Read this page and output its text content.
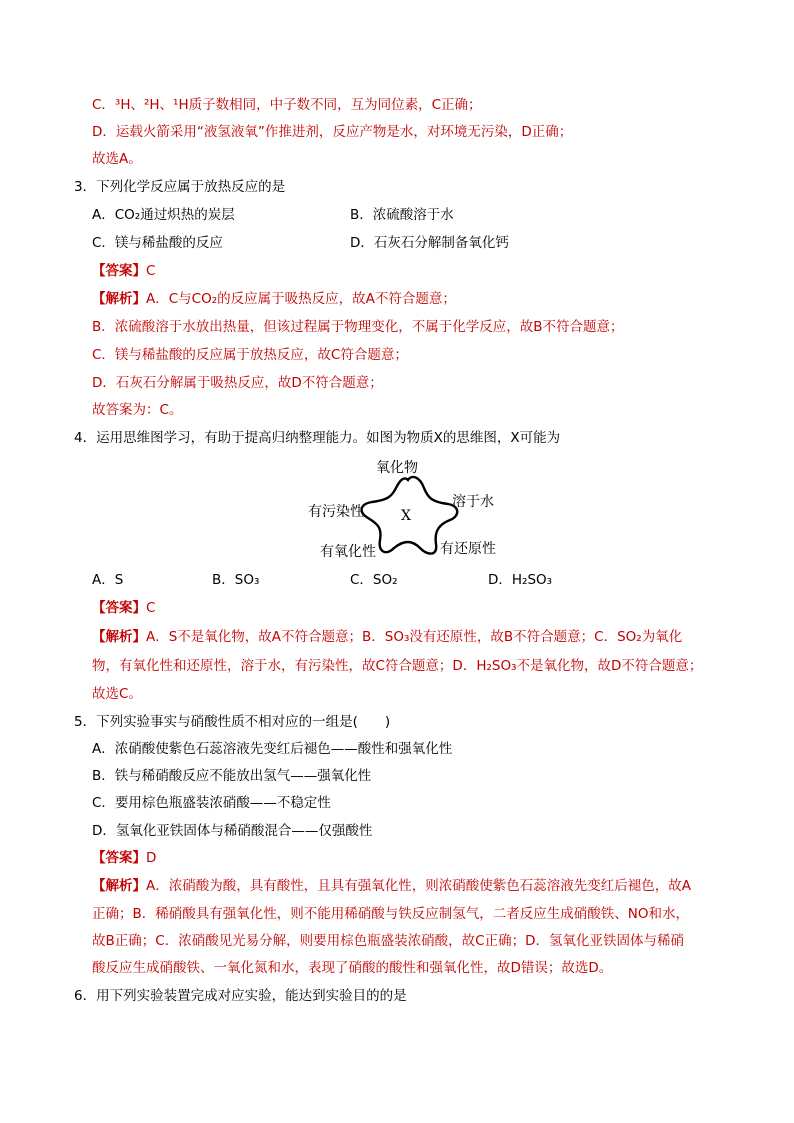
C．³H、²H、¹H质子数相同，中子数不同，互为同位素，C正确；
D．运载火箭采用“液氢液氧”作推进剂，反应产物是水，对环境无污染，D正确；
故选A。
3．下列化学反应属于放热反应的是
A．CO₂通过炽热的炭层	B．浓硫酸溶于水
C．镁与稀盐酸的反应	D．石灰石分解制备氧化钙
【答案】C
【解析】A．C与CO₂的反应属于吸热反应，故A不符合题意；
B．浓硫酸溶于水放出热量，但该过程属于物理变化，不属于化学反应，故B不符合题意；
C．镁与稀盐酸的反应属于放热反应，故C符合题意；
D．石灰石分解属于吸热反应，故D不符合题意；
故答案为：C。
4．运用思维图学习，有助于提高归纳整理能力。如图为物质X的思维图，X可能为
X
氧化物
溶于水
有污染性
有氧化性	有还原性
A．S	B．SO₃	C．SO₂	D．H₂SO₃
【答案】C
【解析】A．S不是氧化物，故A不符合题意；B．SO₃没有还原性，故B不符合题意；C．SO₂为氧化
物，有氧化性和还原性，溶于水，有污染性，故C符合题意；D．H₂SO₃不是氧化物，故D不符合题意；
故选C。
5．下列实验事实与硝酸性质不相对应的一组是(　　)
A．浓硝酸使紫色石蕊溶液先变红后褪色——酸性和强氧化性
B．铁与稀硝酸反应不能放出氢气——强氧化性
C．要用棕色瓶盛装浓硝酸——不稳定性
D．氢氧化亚铁固体与稀硝酸混合——仅强酸性
【答案】D
【解析】A．浓硝酸为酸，具有酸性，且具有强氧化性，则浓硝酸使紫色石蕊溶液先变红后褪色，故A
正确；B．稀硝酸具有强氧化性，则不能用稀硝酸与铁反应制氢气，二者反应生成硝酸铁、NO和水，
故B正确；C．浓硝酸见光易分解，则要用棕色瓶盛装浓硝酸，故C正确；D．氢氧化亚铁固体与稀硝
酸反应生成硝酸铁、一氧化氮和水，表现了硝酸的酸性和强氧化性，故D错误；故选D。
6．用下列实验装置完成对应实验，能达到实验目的的是
